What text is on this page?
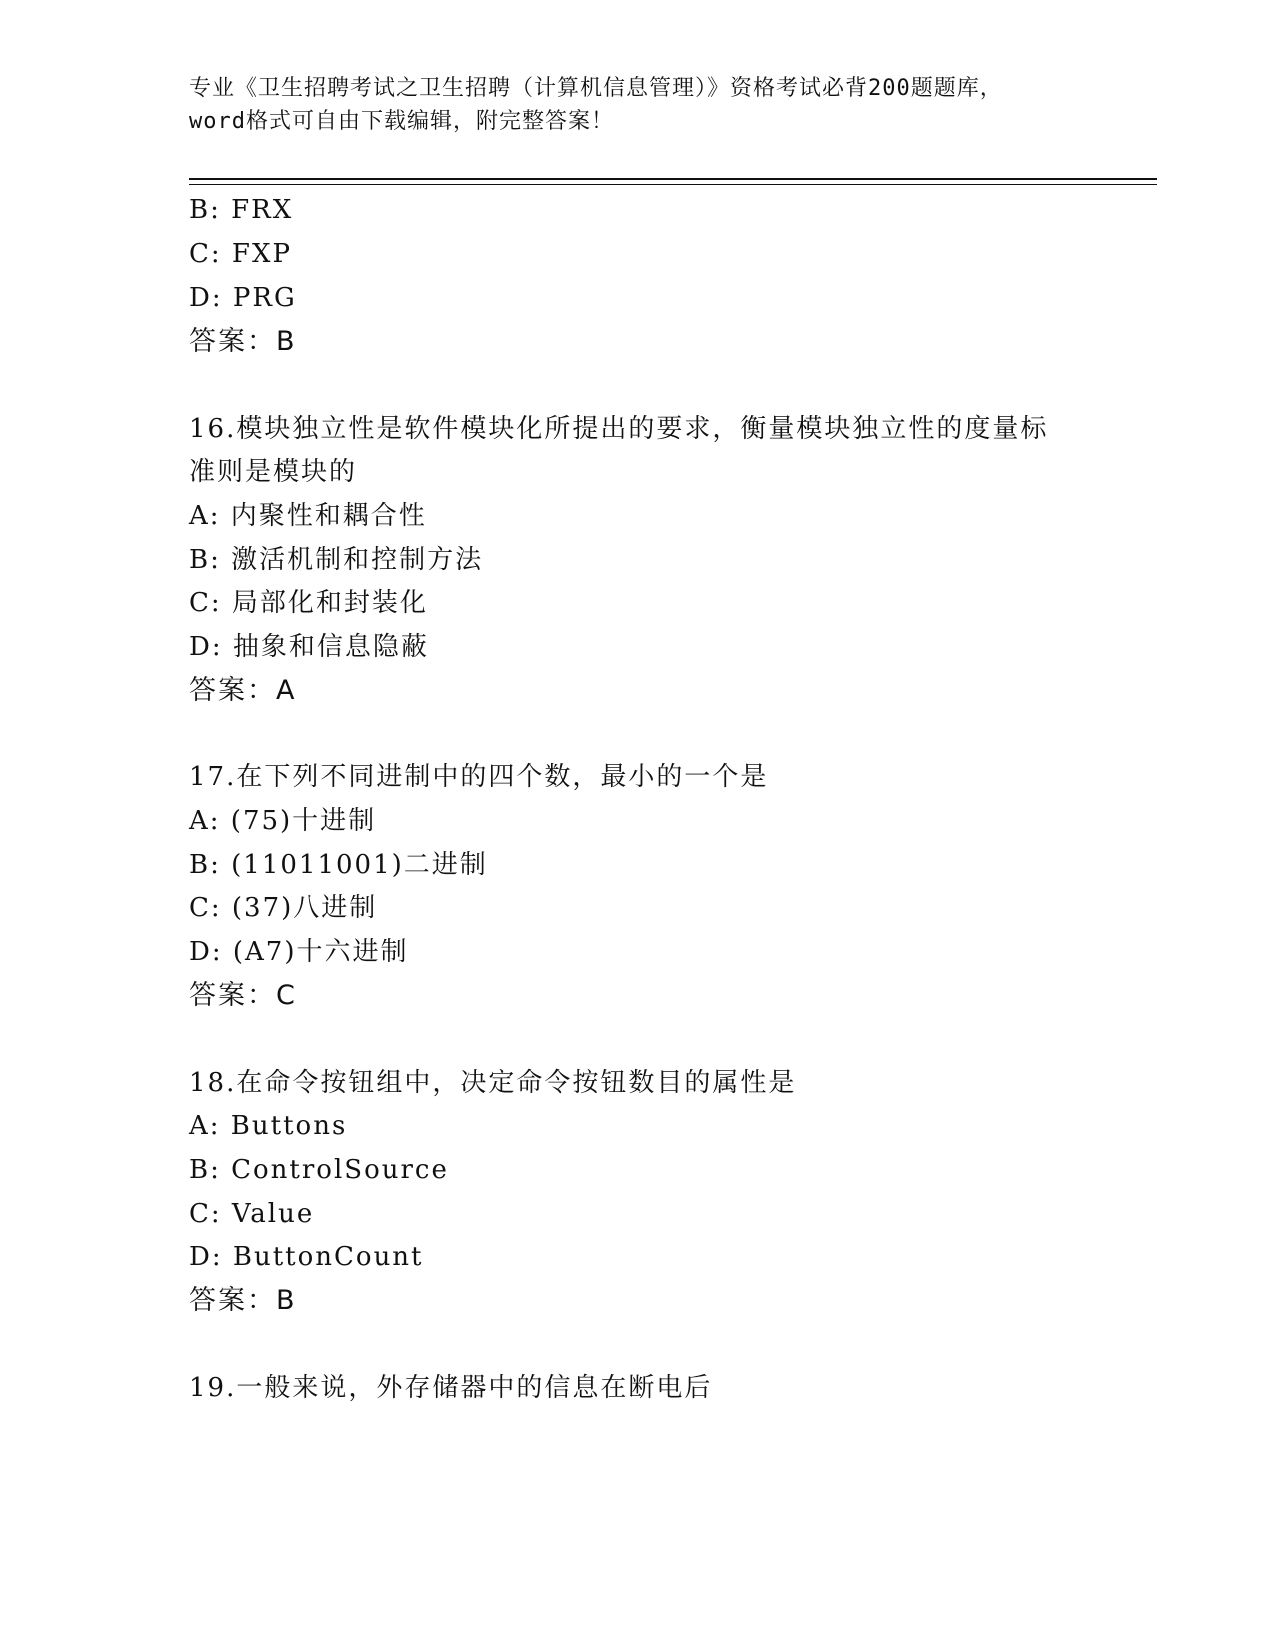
专业《卫生招聘考试之卫生招聘（计算机信息管理）》资格考试必背200题题库，
word格式可自由下载编辑，附完整答案！
B: FRX
C: FXP
D: PRG
答案：B
16.模块独立性是软件模块化所提出的要求，衡量模块独立性的度量标
准则是模块的
A: 内聚性和耦合性
B: 激活机制和控制方法
C: 局部化和封装化
D: 抽象和信息隐蔽
答案：A
17.在下列不同进制中的四个数，最小的一个是
A: (75)十进制
B: (11011001)二进制
C: (37)八进制
D: (A7)十六进制
答案：C
18.在命令按钮组中，决定命令按钮数目的属性是
A: Buttons
B: ControlSource
C: Value
D: ButtonCount
答案：B
19.一般来说，外存储器中的信息在断电后
